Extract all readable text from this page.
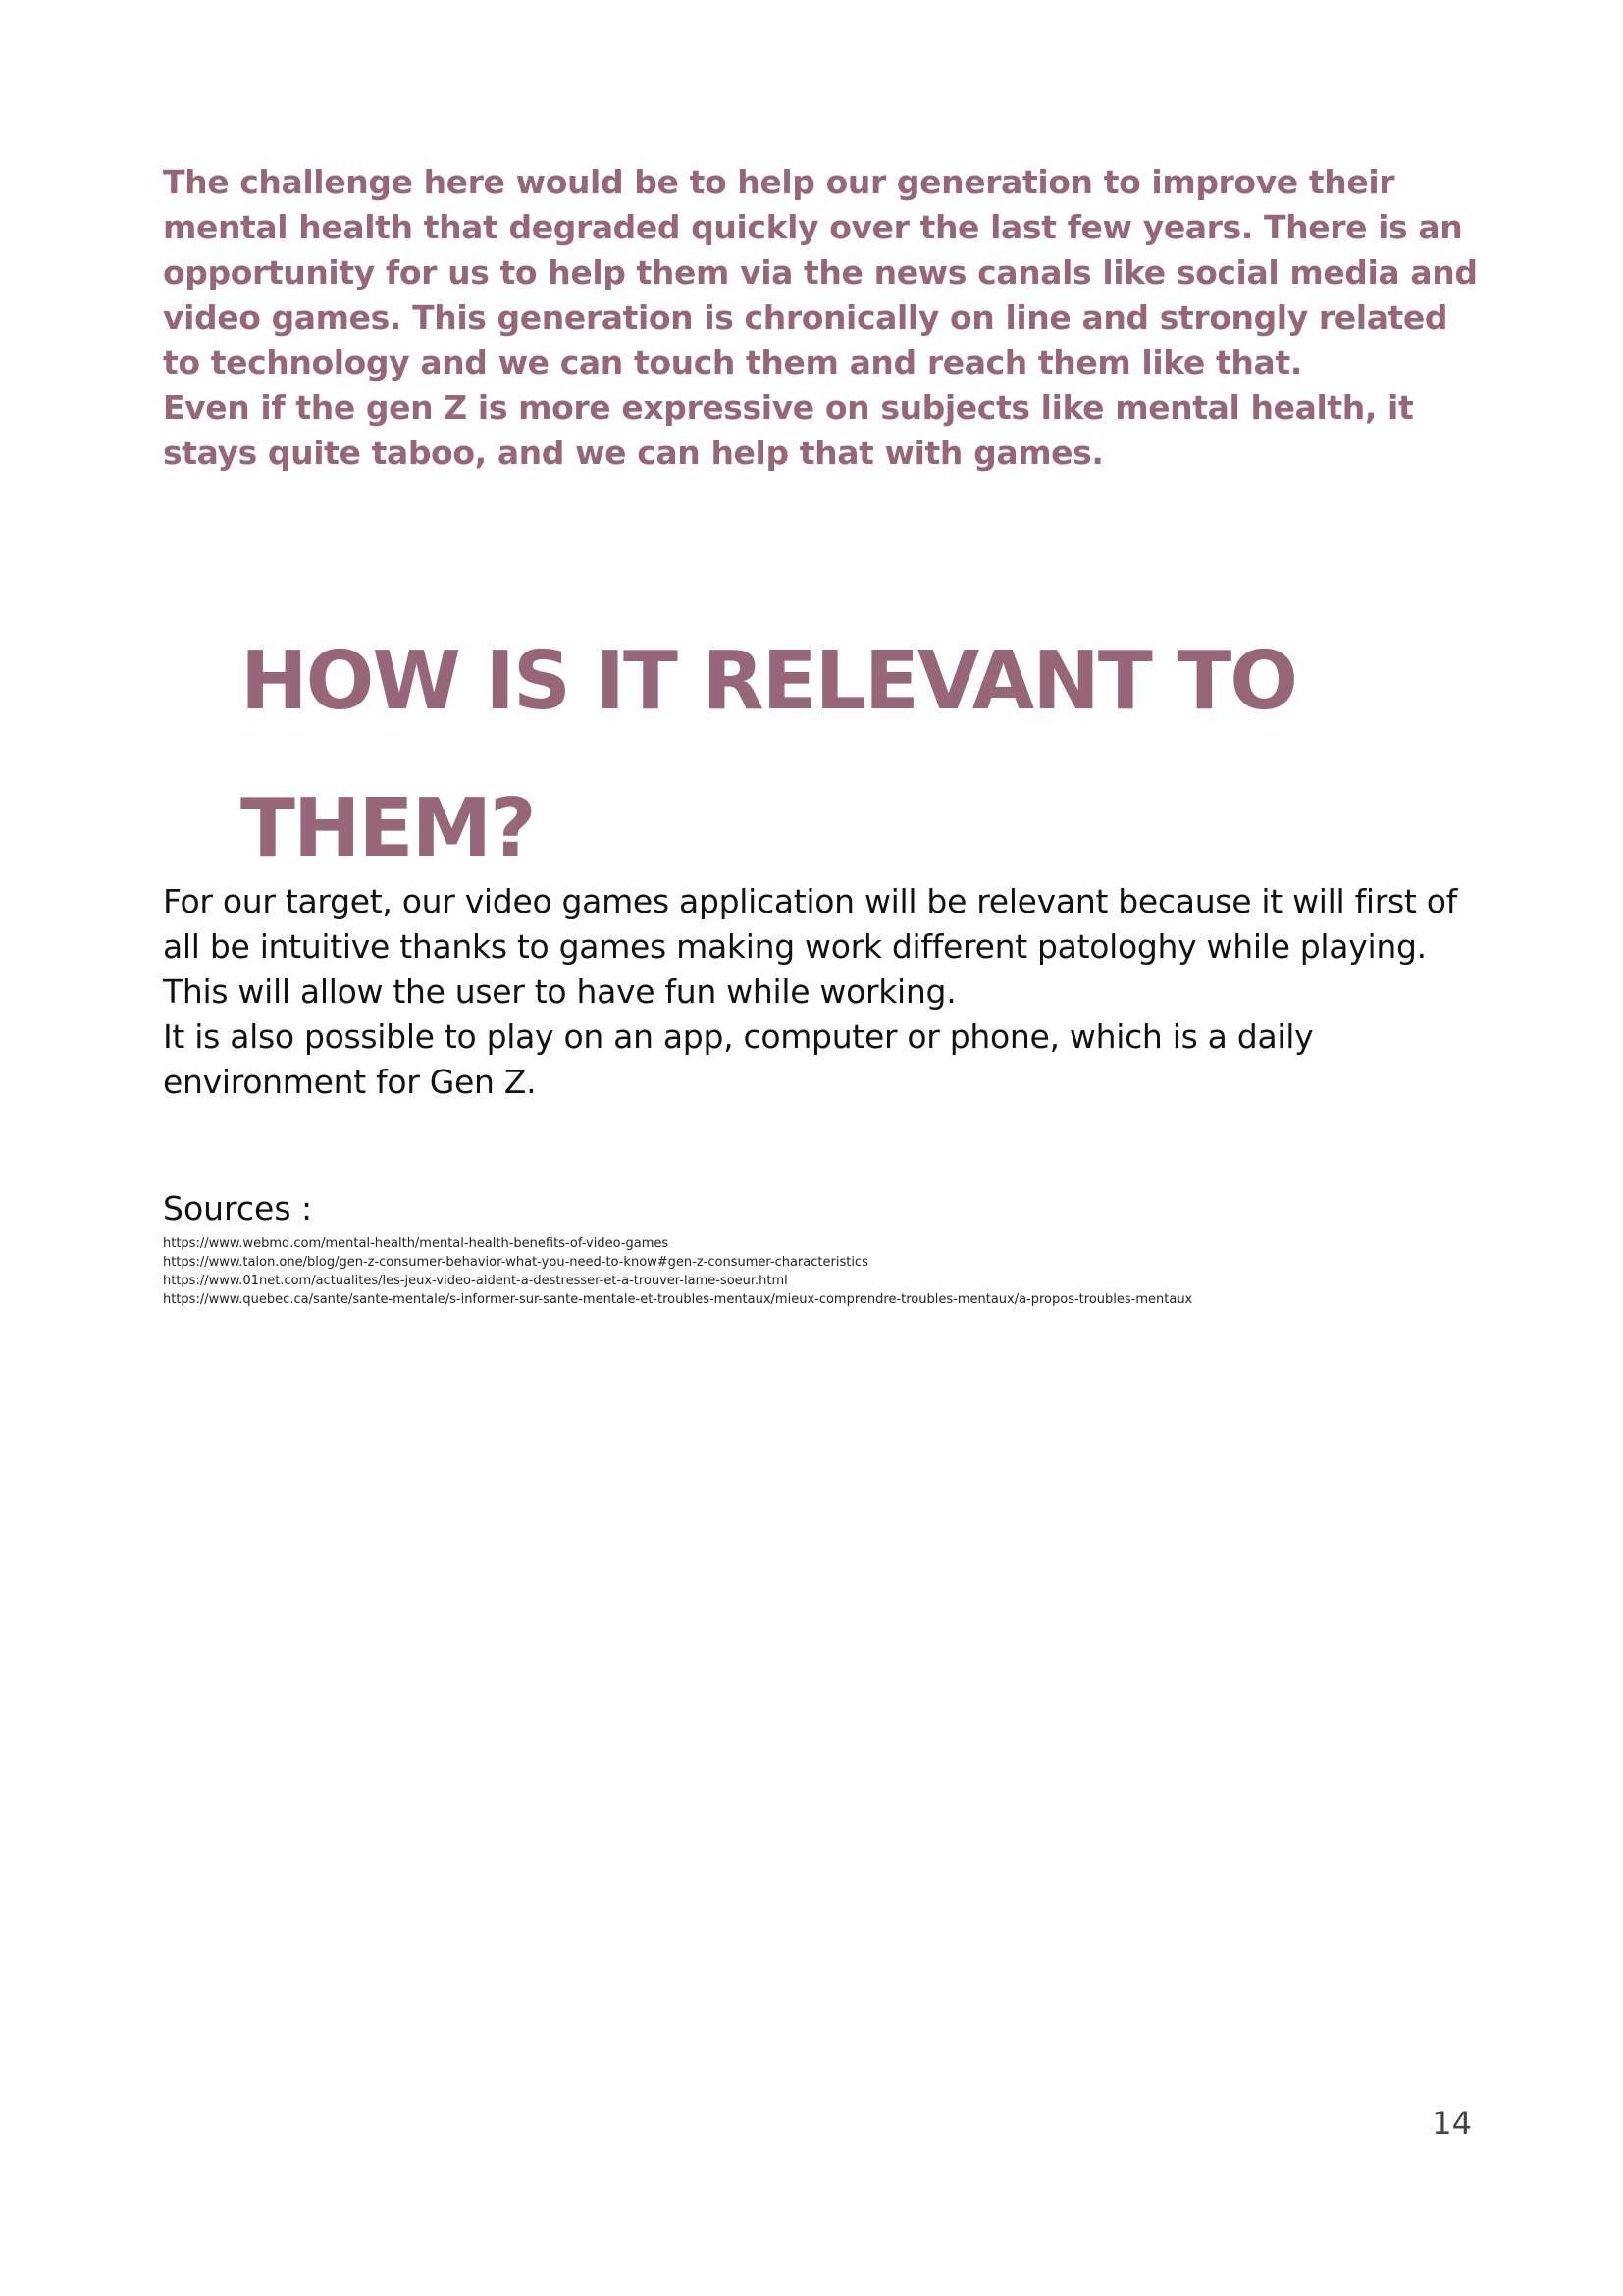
The challenge here would be to help our generation to improve their mental health that degraded quickly over the last few years. There is an opportunity for us to help them via the news canals like social media and video games. This generation is chronically on line and strongly related to technology and we can touch them and reach them like that.

Even if the gen Z is more expressive on subjects like mental health, it stays quite taboo, and we can help that with games.

HOW IS IT RELEVANT TO
THEM?

For our target, our video games application will be relevant because it will first of all be intuitive thanks to games making work different patologhy while playing. This will allow the user to have fun while working.

It is also possible to play on an app, computer or phone, which is a daily environment for Gen Z.

Sources :
https://www.webmd.com/mental-health/mental-health-benefits-of-video-games
https://www.talon.one/blog/gen-z-consumer-behavior-what-you-need-to-know#gen-z-consumer-characteristics
https://www.01net.com/actualites/les-jeux-video-aident-a-destresser-et-a-trouver-lame-soeur.html
https://www.quebec.ca/sante/sante-mentale/s-informer-sur-sante-mentale-et-troubles-mentaux/mieux-comprendre-troubles-mentaux/a-propos-troubles-mentaux
14
